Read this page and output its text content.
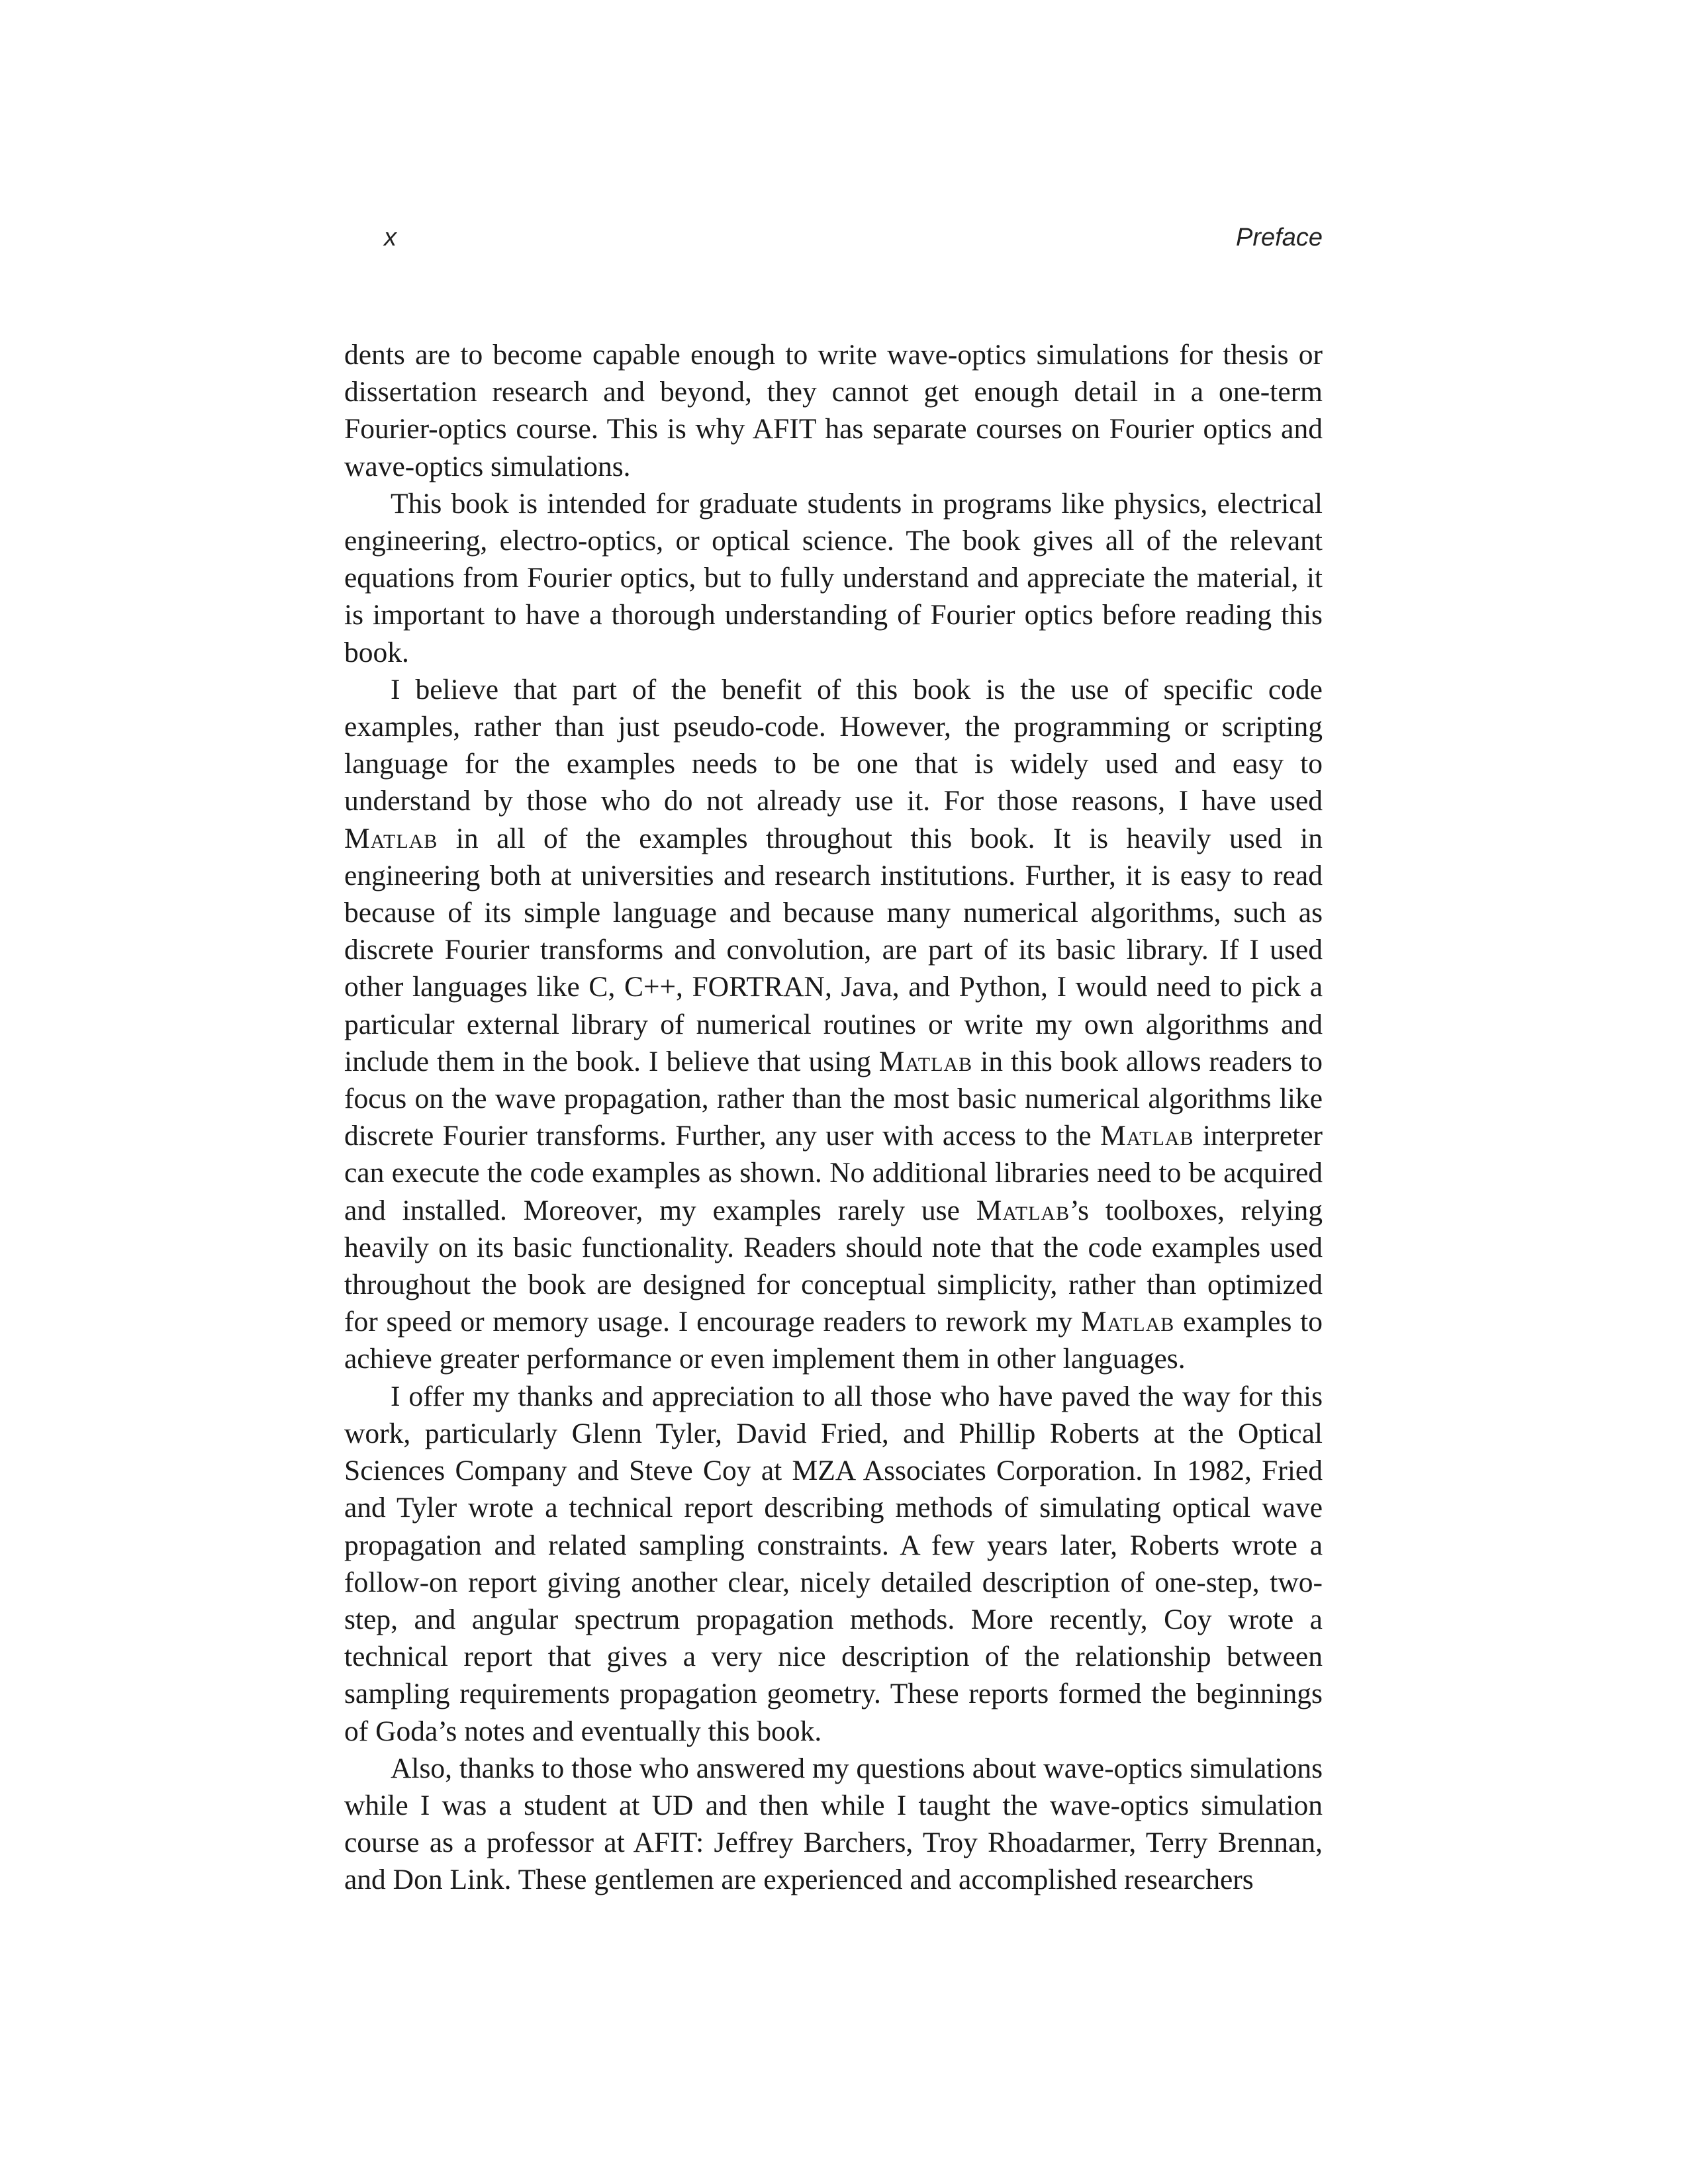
x	Preface

dents are to become capable enough to write wave-optics simulations for thesis or dissertation research and beyond, they cannot get enough detail in a one-term Fourier-optics course. This is why AFIT has separate courses on Fourier optics and wave-optics simulations.

This book is intended for graduate students in programs like physics, electrical engineering, electro-optics, or optical science. The book gives all of the relevant equations from Fourier optics, but to fully understand and appreciate the material, it is important to have a thorough understanding of Fourier optics before reading this book.

I believe that part of the benefit of this book is the use of specific code examples, rather than just pseudo-code. However, the programming or scripting language for the examples needs to be one that is widely used and easy to understand by those who do not already use it. For those reasons, I have used Matlab in all of the examples throughout this book. It is heavily used in engineering both at universities and research institutions. Further, it is easy to read because of its simple language and because many numerical algorithms, such as discrete Fourier transforms and convolution, are part of its basic library. If I used other languages like C, C++, FORTRAN, Java, and Python, I would need to pick a particular external library of numerical routines or write my own algorithms and include them in the book. I believe that using Matlab in this book allows readers to focus on the wave propagation, rather than the most basic numerical algorithms like discrete Fourier transforms. Further, any user with access to the Matlab interpreter can execute the code examples as shown. No additional libraries need to be acquired and installed. Moreover, my examples rarely use Matlab’s toolboxes, relying heavily on its basic functionality. Readers should note that the code examples used throughout the book are designed for conceptual simplicity, rather than optimized for speed or memory usage. I encourage readers to rework my Matlab examples to achieve greater performance or even implement them in other languages.

I offer my thanks and appreciation to all those who have paved the way for this work, particularly Glenn Tyler, David Fried, and Phillip Roberts at the Optical Sciences Company and Steve Coy at MZA Associates Corporation. In 1982, Fried and Tyler wrote a technical report describing methods of simulating optical wave propagation and related sampling constraints. A few years later, Roberts wrote a follow-on report giving another clear, nicely detailed description of one-step, two-step, and angular spectrum propagation methods. More recently, Coy wrote a technical report that gives a very nice description of the relationship between sampling requirements propagation geometry. These reports formed the beginnings of Goda’s notes and eventually this book.

Also, thanks to those who answered my questions about wave-optics simulations while I was a student at UD and then while I taught the wave-optics simulation course as a professor at AFIT: Jeffrey Barchers, Troy Rhoadarmer, Terry Brennan, and Don Link. These gentlemen are experienced and accomplished researchers
